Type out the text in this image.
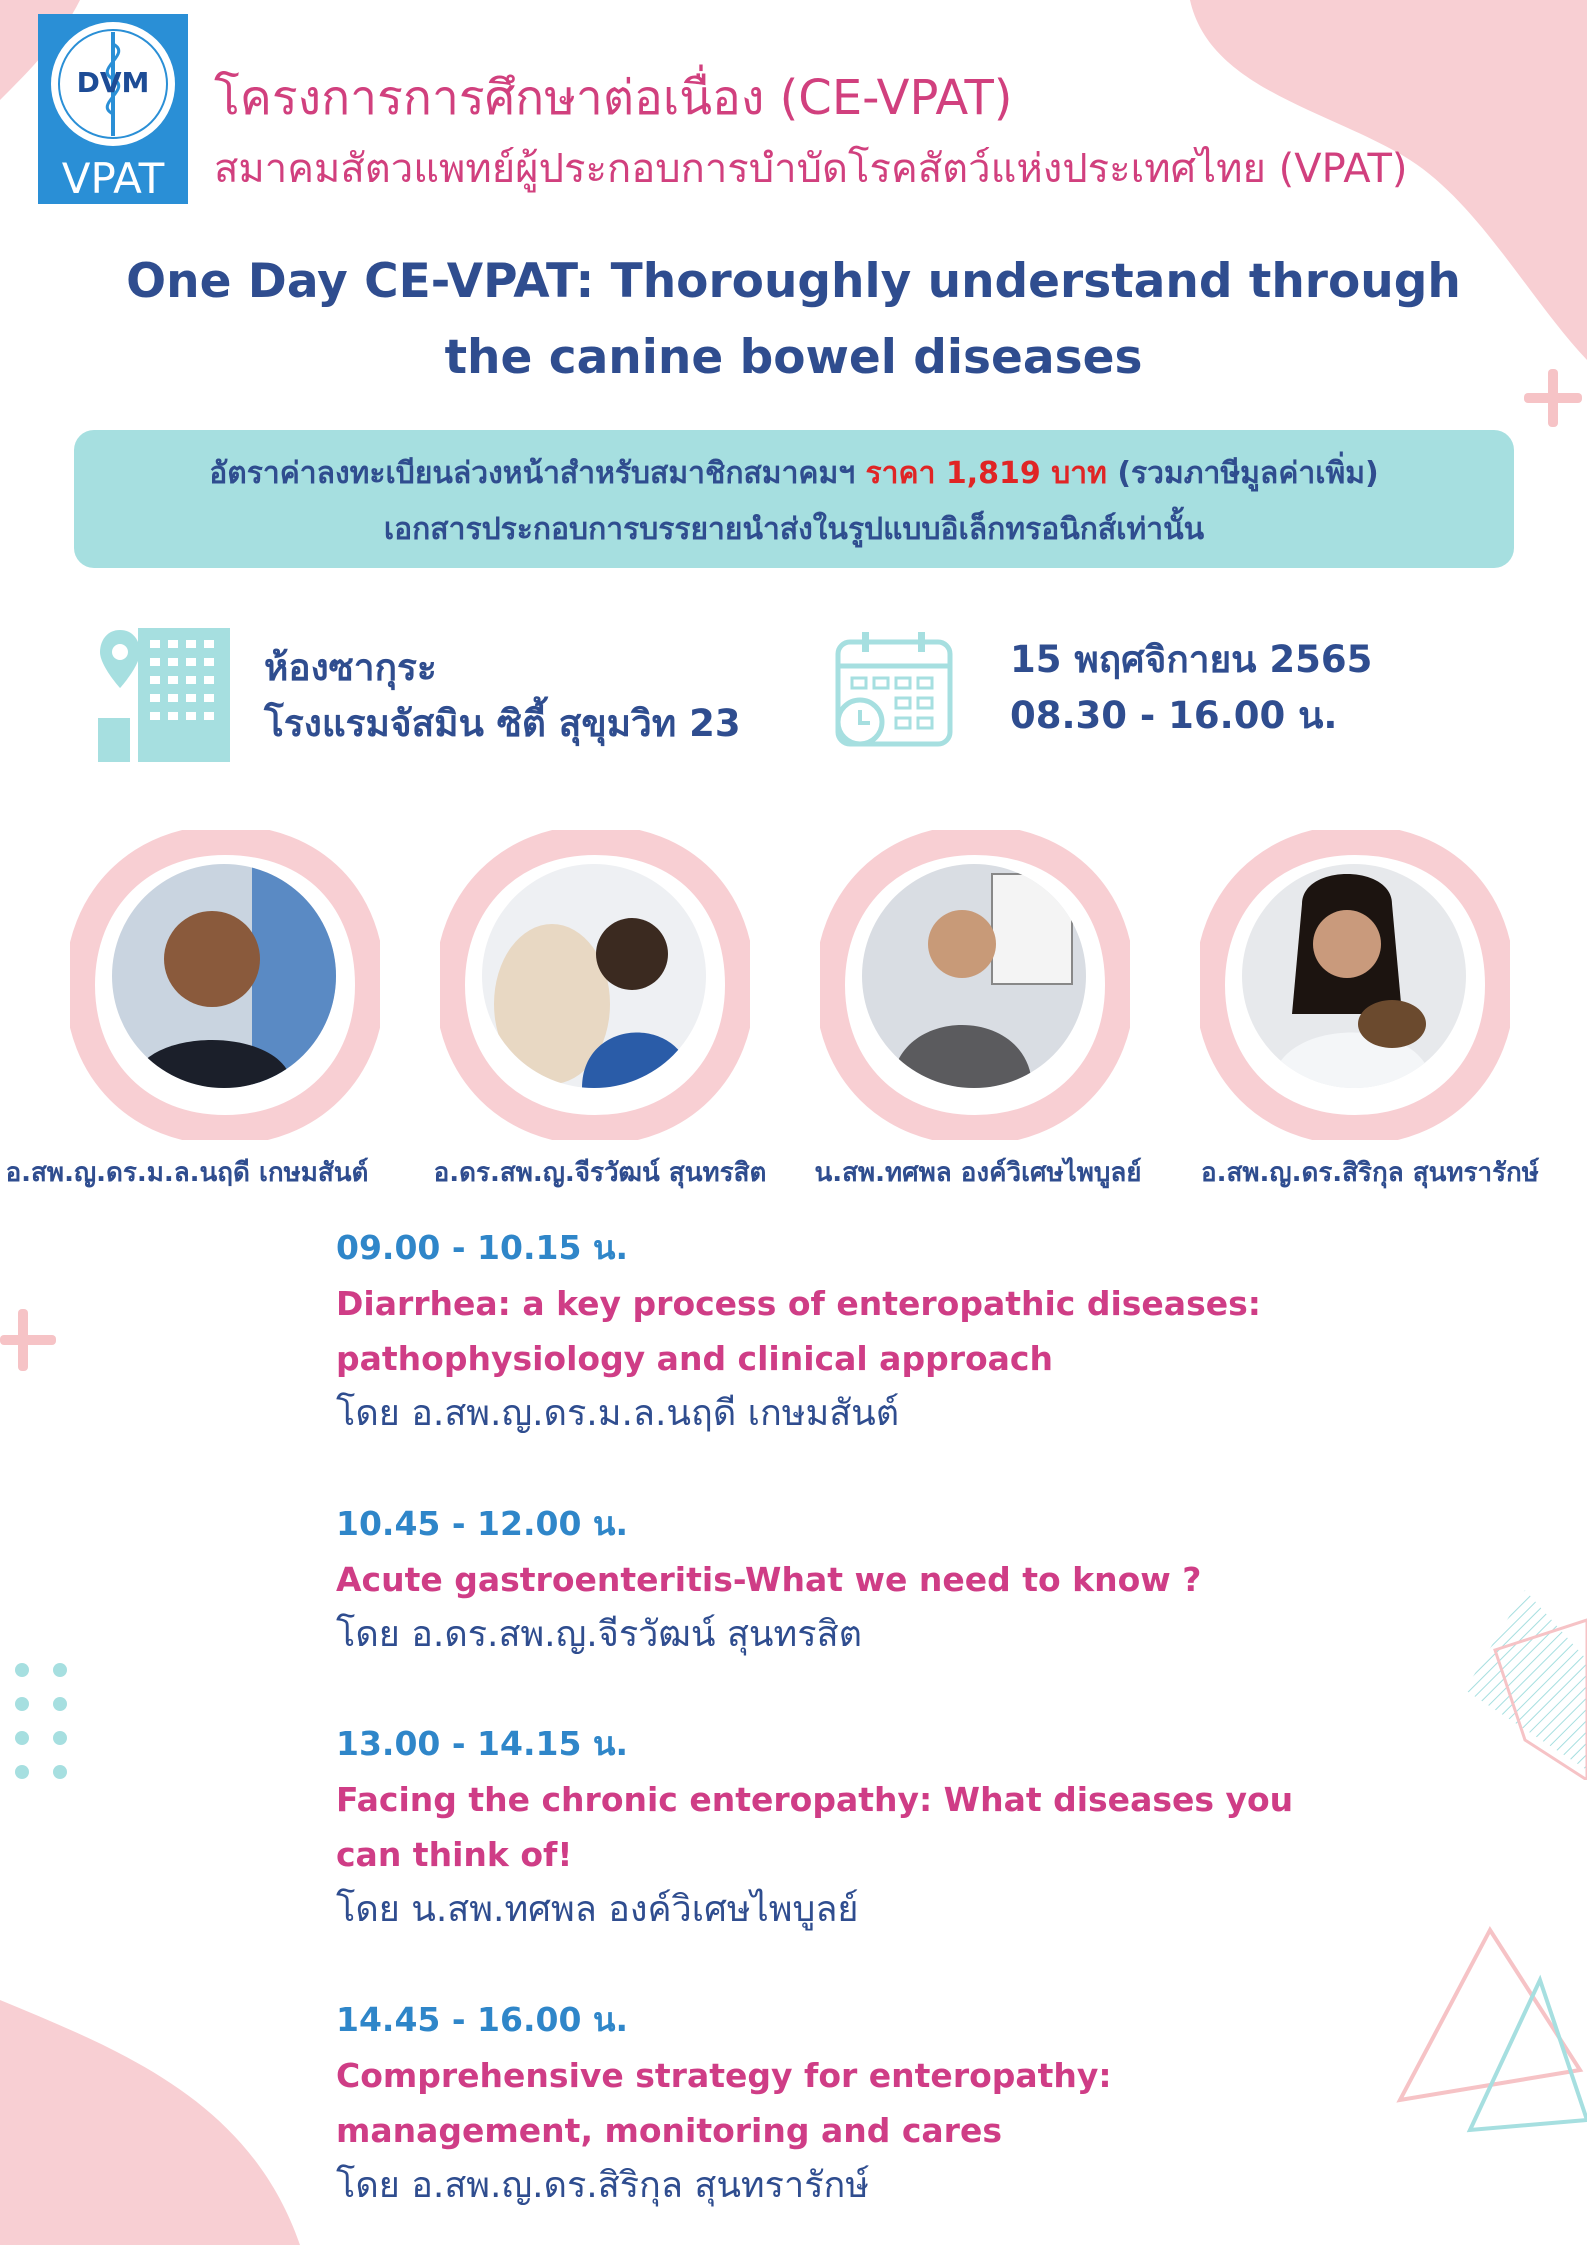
DVM
VPAT
โครงการการศึกษาต่อเนื่อง (CE-VPAT)
สมาคมสัตวแพทย์ผู้ประกอบการบำบัดโรคสัตว์แห่งประเทศไทย (VPAT)
One Day CE-VPAT: Thoroughly understand through
the canine bowel diseases
อัตราค่าลงทะเบียนล่วงหน้าสำหรับสมาชิกสมาคมฯ ราคา 1,819 บาท (รวมภาษีมูลค่าเพิ่ม)
เอกสารประกอบการบรรยายนำส่งในรูปแบบอิเล็กทรอนิกส์เท่านั้น
ห้องซากุระ
โรงแรมจัสมิน ซิตี้ สุขุมวิท 23
15 พฤศจิกายน 2565
08.30 - 16.00 น.
อ.สพ.ญ.ดร.ม.ล.นฤดี เกษมสันต์	อ.ดร.สพ.ญ.จีรวัฒน์ สุนทรสิต	น.สพ.ทศพล องค์วิเศษไพบูลย์	อ.สพ.ญ.ดร.สิริกุล สุนทรารักษ์
09.00 - 10.15 น.
Diarrhea: a key process of enteropathic diseases:
pathophysiology and clinical approach
โดย อ.สพ.ญ.ดร.ม.ล.นฤดี เกษมสันต์
10.45 - 12.00 น.
Acute gastroenteritis-What we need to know ?
โดย อ.ดร.สพ.ญ.จีรวัฒน์ สุนทรสิต
13.00 - 14.15 น.
Facing the chronic enteropathy: What diseases you
can think of!
โดย น.สพ.ทศพล องค์วิเศษไพบูลย์
14.45 - 16.00 น.
Comprehensive strategy for enteropathy:
management, monitoring and cares
โดย อ.สพ.ญ.ดร.สิริกุล สุนทรารักษ์
